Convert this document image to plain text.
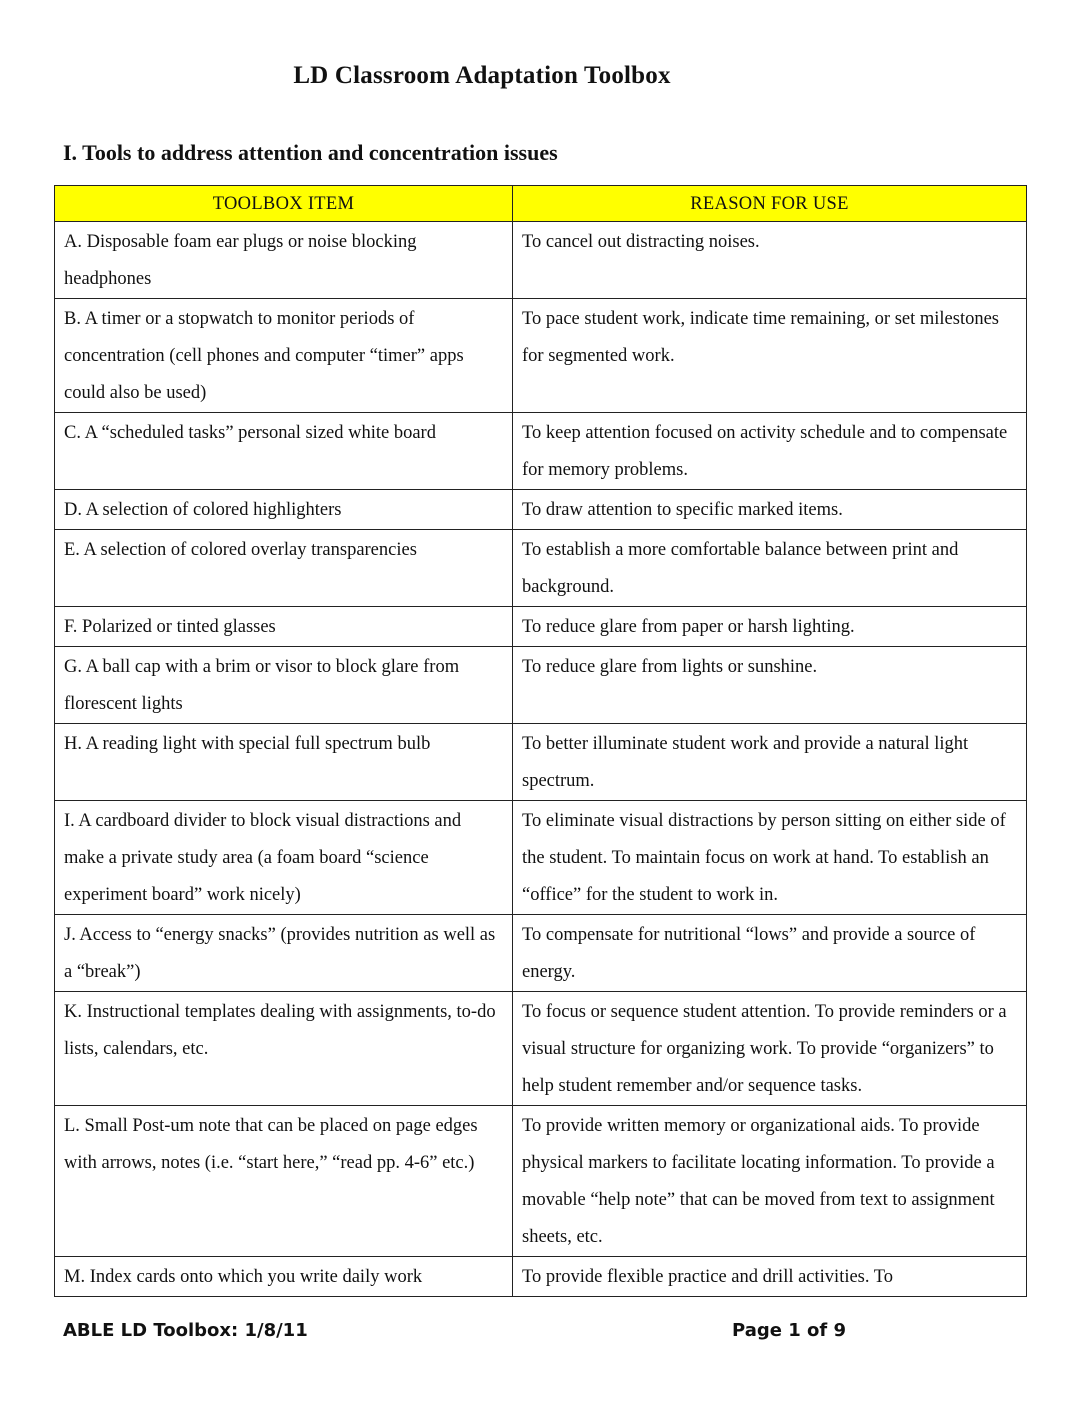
LD Classroom Adaptation Toolbox
I. Tools to address attention and concentration issues
TOOLBOX ITEM	REASON FOR USE
A. Disposable foam ear plugs or noise blocking headphones	To cancel out distracting noises.
B. A timer or a stopwatch to monitor periods of concentration (cell phones and computer “timer” apps could also be used)	To pace student work, indicate time remaining, or set milestones for segmented work.
C. A “scheduled tasks” personal sized white board	To keep attention focused on activity schedule and to compensate for memory problems.
D. A selection of colored highlighters	To draw attention to specific marked items.
E. A selection of colored overlay transparencies	To establish a more comfortable balance between print and background.
F. Polarized or tinted glasses	To reduce glare from paper or harsh lighting.
G. A ball cap with a brim or visor to block glare from florescent lights	To reduce glare from lights or sunshine.
H. A reading light with special full spectrum bulb	To better illuminate student work and provide a natural light spectrum.
I. A cardboard divider to block visual distractions and make a private study area (a foam board “science experiment board” work nicely)	To eliminate visual distractions by person sitting on either side of the student. To maintain focus on work at hand. To establish an “office” for the student to work in.
J. Access to “energy snacks” (provides nutrition as well as a “break”)	To compensate for nutritional “lows” and provide a source of energy.
K. Instructional templates dealing with assignments, to-do lists, calendars, etc.	To focus or sequence student attention. To provide reminders or a visual structure for organizing work. To provide “organizers” to help student remember and/or sequence tasks.
L. Small Post-um note that can be placed on page edges with arrows, notes (i.e. “start here,” “read pp. 4-6” etc.)	To provide written memory or organizational aids. To provide physical markers to facilitate locating information. To provide a movable “help note” that can be moved from text to assignment sheets, etc.
M. Index cards onto which you write daily work	To provide flexible practice and drill activities. To
ABLE LD Toolbox: 1/8/11	Page 1 of 9
